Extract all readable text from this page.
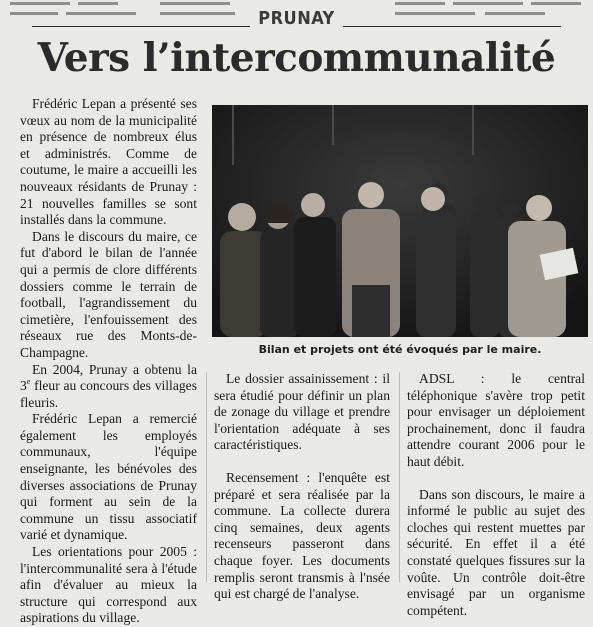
PRUNAY
Vers l’intercommunalité

Frédéric Lepan a présenté ses vœux au nom de la municipalité en présence de nombreux élus et administrés. Comme de coutume, le maire a accueilli les nouveaux résidants de Prunay : 21 nouvelles familles se sont installés dans la commune.

Dans le discours du maire, ce fut d'abord le bilan de l'année qui a permis de clore différents dossiers comme le terrain de football, l'agrandissement du cimetière, l'enfouissement des réseaux rue des Monts-de-Champagne.

En 2004, Prunay a obtenu la 3e fleur au concours des villages fleuris.

Frédéric Lepan a remercié également les employés communaux, l'équipe enseignante, les bénévoles des diverses associations de Prunay qui forment au sein de la commune un tissu associatif varié et dynamique.

Les orientations pour 2005 : l'intercommunalité sera à l'étude afin d'évaluer au mieux la structure qui correspond aux aspirations du village.

Bilan et projets ont été évoqués par le maire.

Le dossier assainissement : il sera étudié pour définir un plan de zonage du village et prendre l'orientation adéquate à ses caractéristiques.

Recensement : l'enquête est préparé et sera réalisée par la commune. La collecte durera cinq semaines, deux agents recenseurs passeront dans chaque foyer. Les documents remplis seront transmis à l'nsée qui est chargé de l'analyse.

ADSL : le central téléphonique s'avère trop petit pour envisager un déploiement prochainement, donc il faudra attendre courant 2006 pour le haut débit.

Dans son discours, le maire a informé le public au sujet des cloches qui restent muettes par sécurité. En effet il a été constaté quelques fissures sur la voûte. Un contrôle doit-être envisagé par un organisme compétent.
